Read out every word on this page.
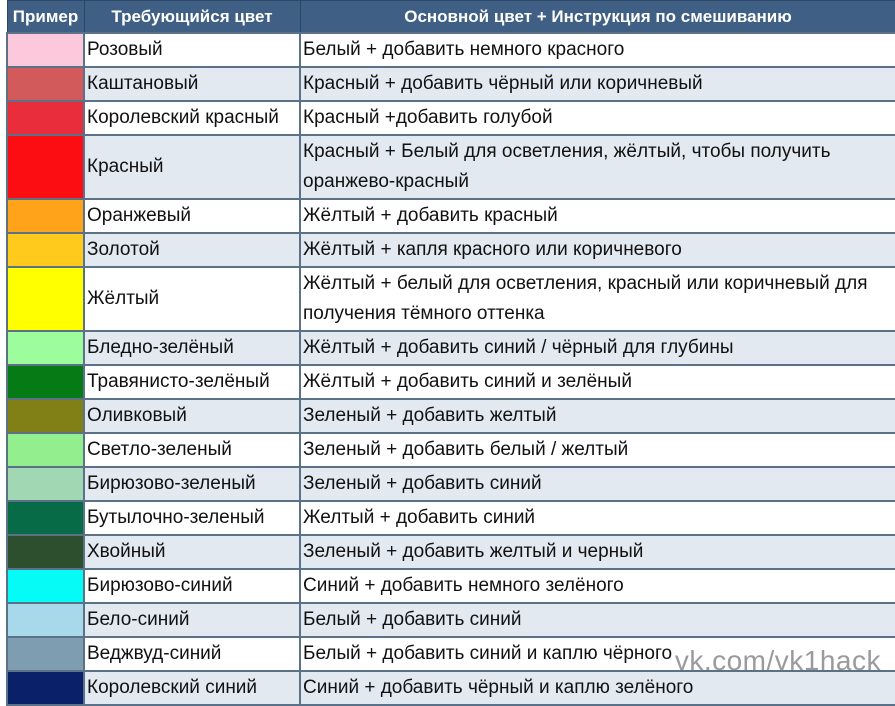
Пример	Требующийся цвет	Основной цвет + Инструкция по смешиванию

	Розовый	Белый + добавить немного красного

	Каштановый	Красный + добавить чёрный или коричневый

	Королевский красный	Красный +добавить голубой

	Красный	Красный + Белый для осветления, жёлтый, чтобы получить оранжево-красный

	Оранжевый	Жёлтый + добавить красный

	Золотой	Жёлтый + капля красного или коричневого

	Жёлтый	Жёлтый + белый для осветления, красный или коричневый для получения тёмного оттенка

	Бледно-зелёный	Жёлтый + добавить синий / чёрный для глубины

	Травянисто-зелёный	Жёлтый + добавить синий и зелёный

	Оливковый	Зеленый + добавить желтый

	Светло-зеленый	Зеленый + добавить белый / желтый

	Бирюзово-зеленый	Зеленый + добавить синий

	Бутылочно-зеленый	Желтый + добавить синий

	Хвойный	Зеленый + добавить желтый и черный

	Бирюзово-синий	Синий + добавить немного зелёного

	Бело-синий	Белый + добавить синий

	Веджвуд-синий	Белый + добавить синий и каплю чёрного

	Королевский синий	Синий + добавить чёрный и каплю зелёного
vk.com/vk1hack
